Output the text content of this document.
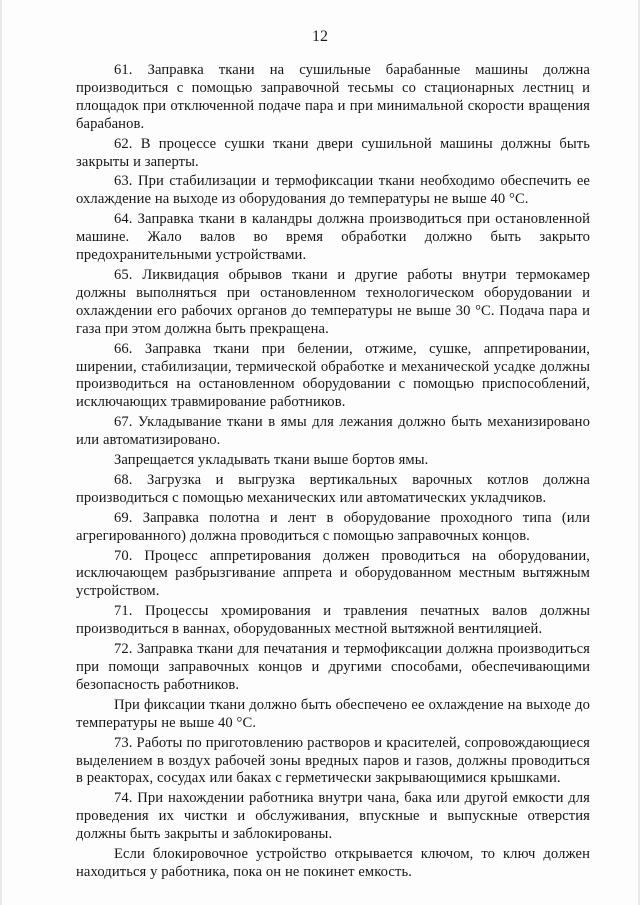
12

61. Заправка ткани на сушильные барабанные машины должна производиться с помощью заправочной тесьмы со стационарных лестниц и площадок при отключенной подаче пара и при минимальной скорости вращения барабанов.

62. В процессе сушки ткани двери сушильной машины должны быть закрыты и заперты.

63. При стабилизации и термофиксации ткани необходимо обеспечить ее охлаждение на выходе из оборудования до температуры не выше 40 °С.

64. Заправка ткани в каландры должна производиться при остановленной машине. Жало валов во время обработки должно быть закрыто предохранительными устройствами.

65. Ликвидация обрывов ткани и другие работы внутри термокамер должны выполняться при остановленном технологическом оборудовании и охлаждении его рабочих органов до температуры не выше 30 °С. Подача пара и газа при этом должна быть прекращена.

66. Заправка ткани при белении, отжиме, сушке, аппретировании, ширении, стабилизации, термической обработке и механической усадке должны производиться на остановленном оборудовании с помощью приспособлений, исключающих травмирование работников.

67. Укладывание ткани в ямы для лежания должно быть механизировано или автоматизировано.

Запрещается укладывать ткани выше бортов ямы.

68. Загрузка и выгрузка вертикальных варочных котлов должна производиться с помощью механических или автоматических укладчиков.

69. Заправка полотна и лент в оборудование проходного типа (или агрегированного) должна проводиться с помощью заправочных концов.

70. Процесс аппретирования должен проводиться на оборудовании, исключающем разбрызгивание аппрета и оборудованном местным вытяжным устройством.

71. Процессы хромирования и травления печатных валов должны производиться в ваннах, оборудованных местной вытяжной вентиляцией.

72. Заправка ткани для печатания и термофиксации должна производиться при помощи заправочных концов и другими способами, обеспечивающими безопасность работников.

При фиксации ткани должно быть обеспечено ее охлаждение на выходе до температуры не выше 40 °С.

73. Работы по приготовлению растворов и красителей, сопровождающиеся выделением в воздух рабочей зоны вредных паров и газов, должны проводиться в реакторах, сосудах или баках с герметически закрывающимися крышками.

74. При нахождении работника внутри чана, бака или другой емкости для проведения их чистки и обслуживания, впускные и выпускные отверстия должны быть закрыты и заблокированы.

Если блокировочное устройство открывается ключом, то ключ должен находиться у работника, пока он не покинет емкость.
